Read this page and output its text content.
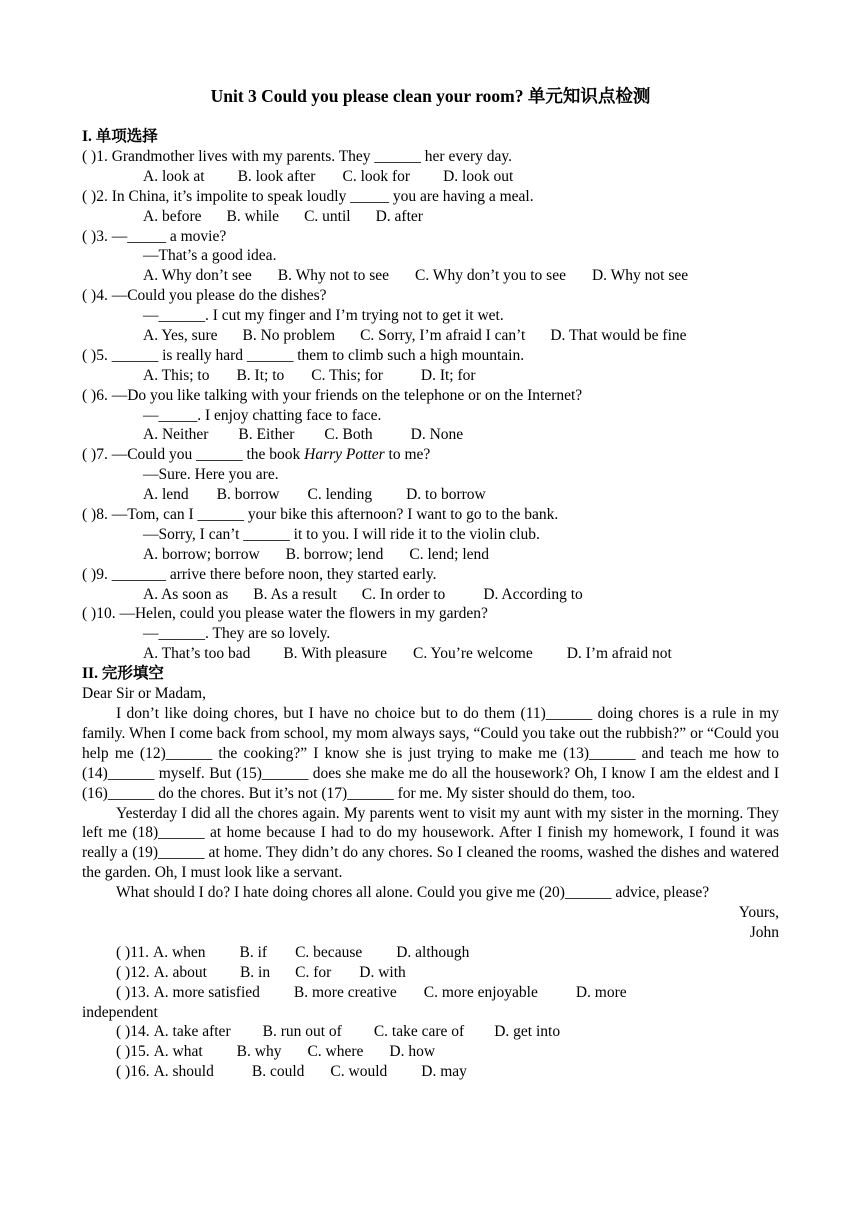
Unit 3 Could you please clean your room? 单元知识点检测
I. 单项选择
( )1. Grandmother lives with my parents. They ______ her every day.
A. look at B. look after C. look for D. look out
( )2. In China, it’s impolite to speak loudly _____ you are having a meal.
A. before B. while C. until D. after
( )3. —_____ a movie?
—That’s a good idea.
A. Why don’t see B. Why not to see C. Why don’t you to see D. Why not see
( )4. —Could you please do the dishes?
—______. I cut my finger and I’m trying not to get it wet.
A. Yes, sure B. No problem C. Sorry, I’m afraid I can’t D. That would be fine
( )5. ______ is really hard ______ them to climb such a high mountain.
A. This; to B. It; to C. This; for D. It; for
( )6. —Do you like talking with your friends on the telephone or on the Internet?
—_____. I enjoy chatting face to face.
A. Neither B. Either C. Both D. None
( )7. —Could you ______ the book Harry Potter to me?
—Sure. Here you are.
A. lend B. borrow C. lending D. to borrow
( )8. —Tom, can I ______ your bike this afternoon? I want to go to the bank.
—Sorry, I can’t ______ it to you. I will ride it to the violin club.
A. borrow; borrow B. borrow; lend C. lend; lend
( )9. _______ arrive there before noon, they started early.
A. As soon as B. As a result C. In order to D. According to
( )10. —Helen, could you please water the flowers in my garden?
—______. They are so lovely.
A. That’s too bad B. With pleasure C. You’re welcome D. I’m afraid not
II. 完形填空
Dear Sir or Madam,

I don’t like doing chores, but I have no choice but to do them (11)______ doing chores is a rule in my family. When I come back from school, my mom always says, “Could you take out the rubbish?” or “Could you help me (12)______ the cooking?” I know she is just trying to make me (13)______ and teach me how to (14)______ myself. But (15)______ does she make me do all the housework? Oh, I know I am the eldest and I (16)______ do the chores. But it’s not (17)______ for me. My sister should do them, too.

Yesterday I did all the chores again. My parents went to visit my aunt with my sister in the morning. They left me (18)______ at home because I had to do my housework. After I finish my homework, I found it was really a (19)______ at home. They didn’t do any chores. So I cleaned the rooms, washed the dishes and watered the garden. Oh, I must look like a servant.

What should I do? I hate doing chores all alone. Could you give me (20)______ advice, please?

Yours,
John
( )11. A. when B. if C. because D. although
( )12. A. about B. in C. for D. with
( )13. A. more satisfied B. more creative C. more enjoyable D. more
independent
( )14. A. take after B. run out of C. take care of D. get into
( )15. A. what B. why C. where D. how
( )16. A. should B. could C. would D. may
